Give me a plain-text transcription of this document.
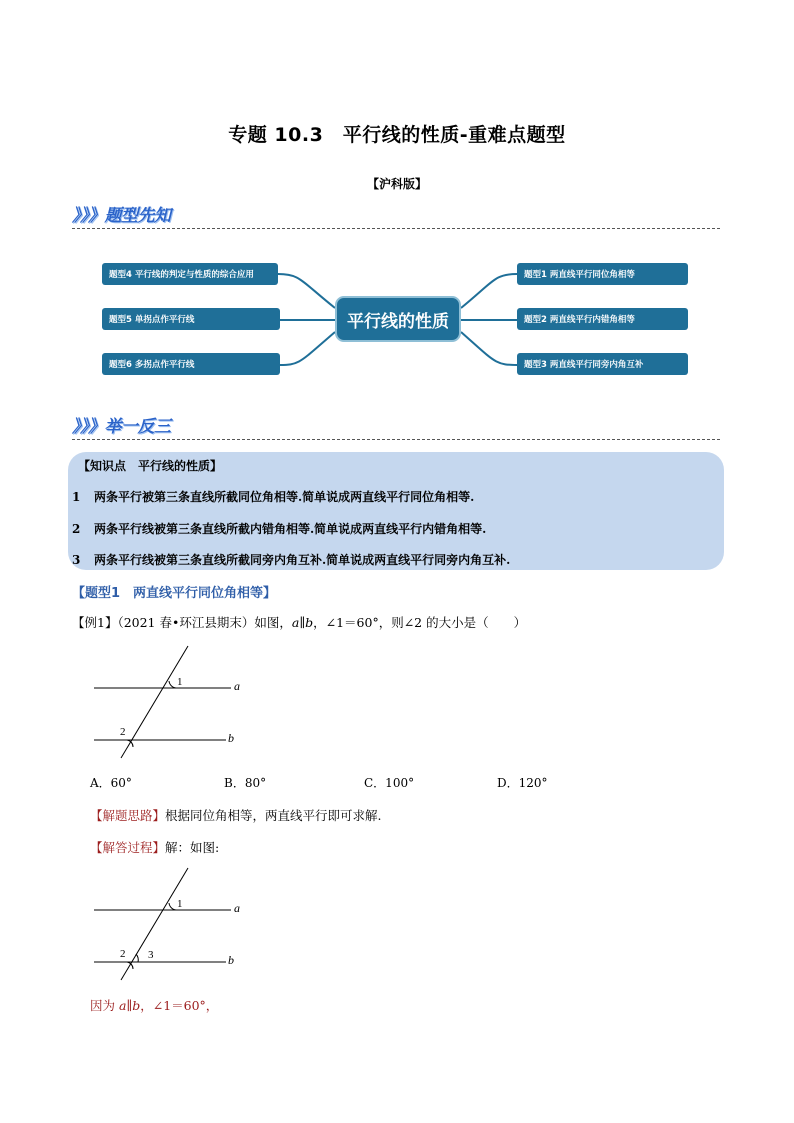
专题 10.3　平行线的性质-重难点题型
【沪科版】
》》》题型先知
平行线的性质
题型4 平行线的判定与性质的综合应用
题型5 单拐点作平行线
题型6 多拐点作平行线
题型1 两直线平行同位角相等
题型2 两直线平行内错角相等
题型3 两直线平行同旁内角互补
》》》举一反三
【知识点　平行线的性质】
1 两条平行被第三条直线所截同位角相等.简单说成两直线平行同位角相等.
2 两条平行线被第三条直线所截内错角相等.简单说成两直线平行内错角相等.
3 两条平行线被第三条直线所截同旁内角互补.简单说成两直线平行同旁内角互补.
【题型1　两直线平行同位角相等】
【例1】（2021 春•环江县期末）如图，a∥b，∠1＝60°，则∠2 的大小是（　　）
1
2
a
b
A．60°	B．80°	C．100°	D．120°
【解题思路】根据同位角相等，两直线平行即可求解.
【解答过程】解：如图:
1
2 3
a
b
因为 a∥b，∠1＝60°，
